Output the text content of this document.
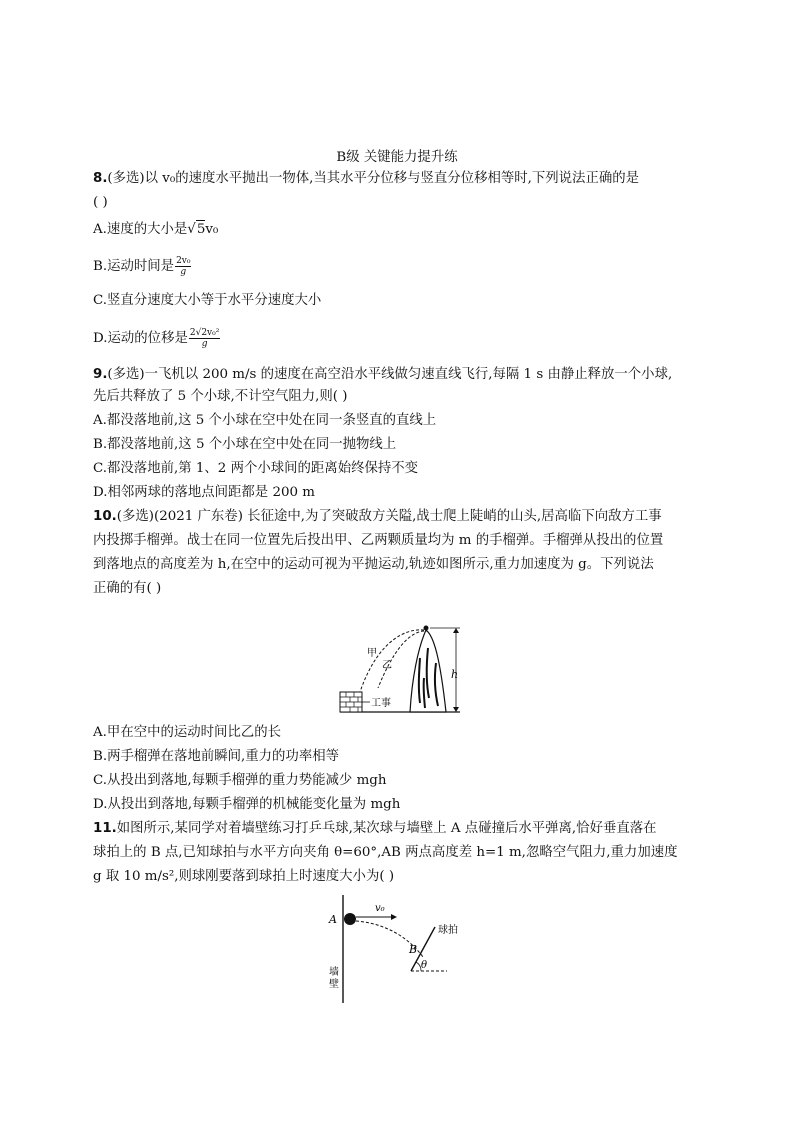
B级 关键能力提升练
8.(多选)以 v₀的速度水平抛出一物体,当其水平分位移与竖直分位移相等时,下列说法正确的是
( )
A.速度的大小是√5v₀
B.运动时间是 $\frac{\text{2v₀}}{g}$
C.竖直分速度大小等于水平分速度大小
D.运动的位移是 $\frac{\text{2√2v₀²}}{g}$
9.(多选)一飞机以 200 m/s 的速度在高空沿水平线做匀速直线飞行,每隔 1 s 由静止释放一个小球,
先后共释放了 5 个小球,不计空气阻力,则( )
A.都没落地前,这 5 个小球在空中处在同一条竖直的直线上
B.都没落地前,这 5 个小球在空中处在同一抛物线上
C.都没落地前,第 1、2 两个小球间的距离始终保持不变
D.相邻两球的落地点间距都是 200 m
10.(多选)(2021 广东卷) 长征途中,为了突破敌方关隘,战士爬上陡峭的山头,居高临下向敌方工事
内投掷手榴弹。战士在同一位置先后投出甲、乙两颗质量均为 m 的手榴弹。手榴弹从投出的位置
到落地点的高度差为 h,在空中的运动可视为平抛运动,轨迹如图所示,重力加速度为 g。下列说法
正确的有( )
工事
甲
乙
h
A.甲在空中的运动时间比乙的长
B.两手榴弹在落地前瞬间,重力的功率相等
C.从投出到落地,每颗手榴弹的重力势能减少 mgh
D.从投出到落地,每颗手榴弹的机械能变化量为 mgh
11.如图所示,某同学对着墙壁练习打乒乓球,某次球与墙壁上 A 点碰撞后水平弹离,恰好垂直落在
球拍上的 B 点,已知球拍与水平方向夹角 θ=60°,AB 两点高度差 h=1 m,忽略空气阻力,重力加速度
g 取 10 m/s²,则球刚要落到球拍上时速度大小为( )
A
墙
壁
v₀
球拍
B
θ
